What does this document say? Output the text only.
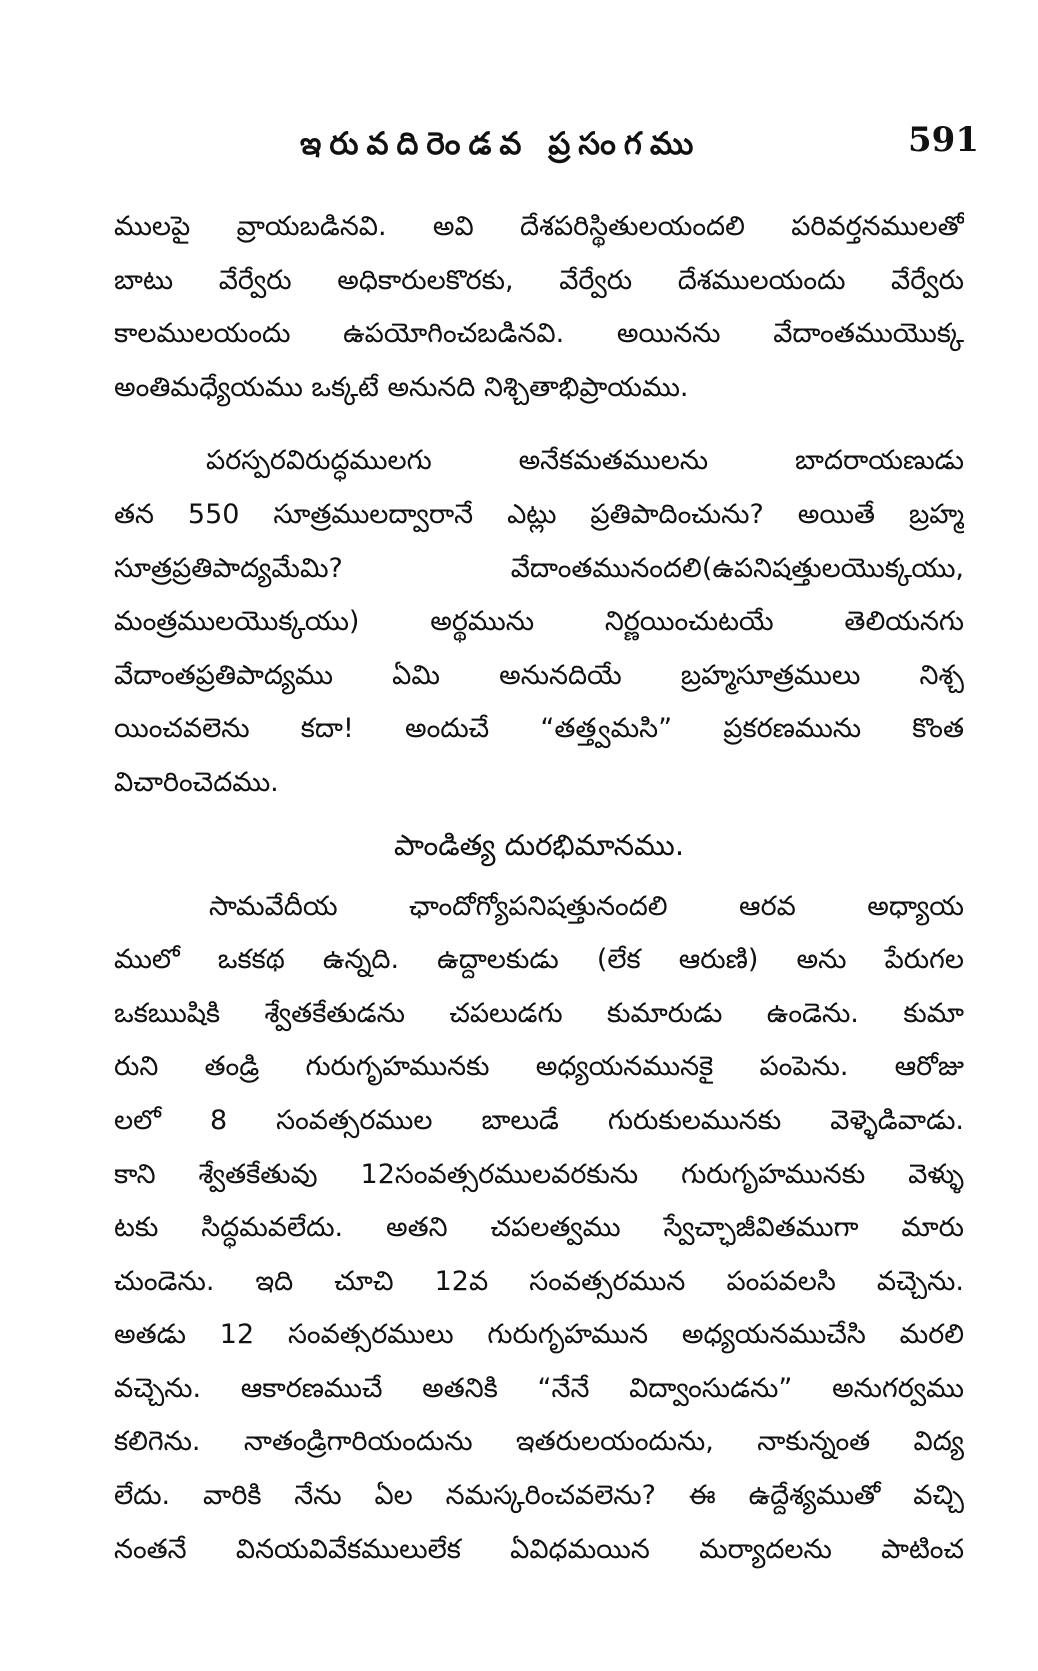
ఇరువదిరెండవ ప్రసంగము	591
ములపై వ్రాయబడినవి. అవి దేశపరిస్థితులయందలి పరివర్తనములతో
బాటు వేర్వేరు అధికారులకొరకు, వేర్వేరు దేశములయందు వేర్వేరు
కాలములయందు ఉపయోగించబడినవి. అయినను వేదాంతముయొక్క
అంతిమధ్యేయము ఒక్కటే అనునది నిశ్చితాభిప్రాయము.
పరస్పరవిరుద్ధములగు అనేకమతములను బాదరాయణుడు
తన 550 సూత్రములద్వారానే ఎట్లు ప్రతిపాదించును? అయితే బ్రహ్మ
సూత్రప్రతిపాద్యమేమి? వేదాంతమునందలి(ఉపనిషత్తులయొక్కయు,
మంత్రములయొక్కయు) అర్థమును నిర్ణయించుటయే తెలియనగు
వేదాంతప్రతిపాద్యము ఏమి అనునదియే బ్రహ్మసూత్రములు నిశ్చ
యించవలెను కదా! అందుచే “తత్త్వమసి” ప్రకరణమును కొంత
విచారించెదము.
పాండిత్య దురభిమానము.
సామవేదీయ ఛాందోగ్యోపనిషత్తునందలి ఆరవ అధ్యాయ
ములో ఒకకథ ఉన్నది. ఉద్దాలకుడు (లేక ఆరుణి) అను పేరుగల
ఒకఋషికి శ్వేతకేతుడను చపలుడగు కుమారుడు ఉండెను. కుమా
రుని తండ్రి గురుగృహమునకు అధ్యయనమునకై పంపెను. ఆరోజు
లలో 8 సంవత్సరముల బాలుడే గురుకులమునకు వెళ్ళెడివాడు.
కాని శ్వేతకేతువు 12సంవత్సరములవరకును గురుగృహమునకు వెళ్ళు
టకు సిద్ధమవలేదు. అతని చపలత్వము స్వేచ్ఛాజీవితముగా మారు
చుండెను. ఇది చూచి 12వ సంవత్సరమున పంపవలసి వచ్చెను.
అతడు 12 సంవత్సరములు గురుగృహమున అధ్యయనముచేసి మరలి
వచ్చెను. ఆకారణముచే అతనికి “నేనే విద్వాంసుడను” అనుగర్వము
కలిగెను. నాతండ్రిగారియందును ఇతరులయందును, నాకున్నంత విద్య
లేదు. వారికి నేను ఏల నమస్కరించవలెను? ఈ ఉద్దేశ్యముతో వచ్చి
నంతనే వినయవివేకములులేక ఏవిధమయిన మర్యాదలను పాటించ
